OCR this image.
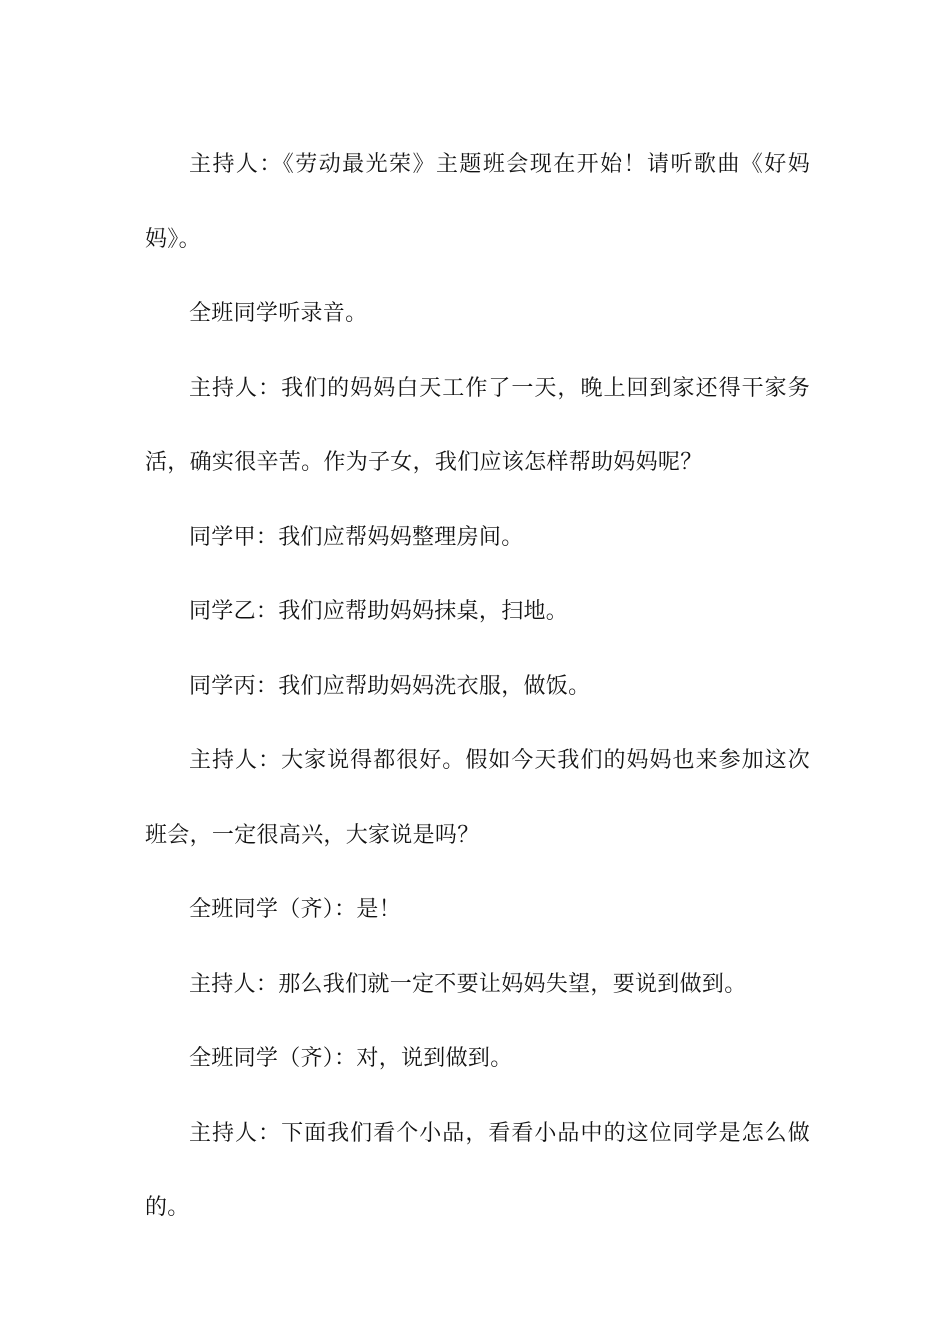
主持人：《劳动最光荣》主题班会现在开始！请听歌曲《好妈妈》。

全班同学听录音。

主持人：我们的妈妈白天工作了一天，晚上回到家还得干家务活，确实很辛苦。作为子女，我们应该怎样帮助妈妈呢？

同学甲：我们应帮妈妈整理房间。

同学乙：我们应帮助妈妈抹桌，扫地。

同学丙：我们应帮助妈妈洗衣服，做饭。

主持人：大家说得都很好。假如今天我们的妈妈也来参加这次班会，一定很高兴，大家说是吗？

全班同学（齐）：是！

主持人：那么我们就一定不要让妈妈失望，要说到做到。

全班同学（齐）：对，说到做到。

主持人：下面我们看个小品，看看小品中的这位同学是怎么做的。
